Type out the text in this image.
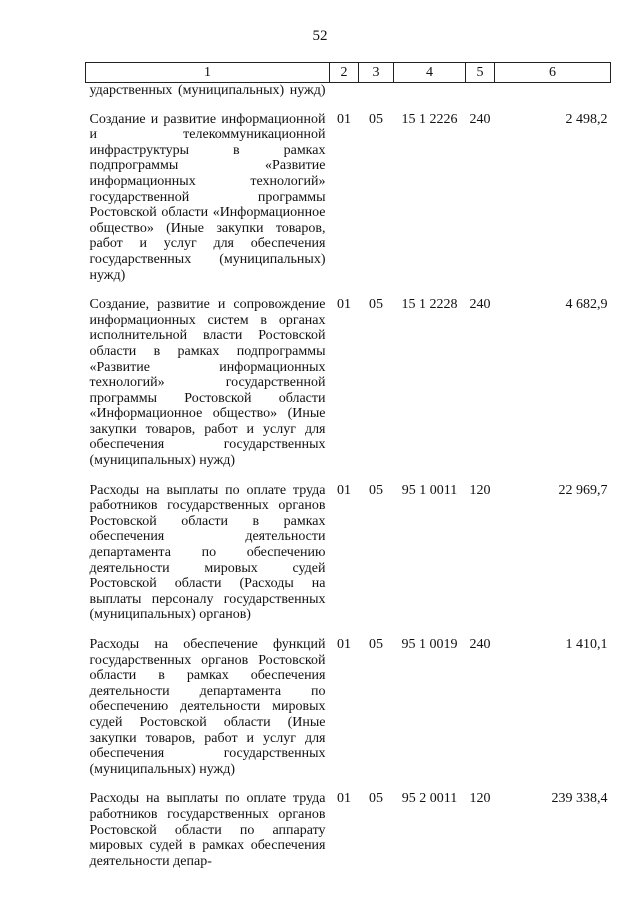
52
1	2	3	4	5	6
ударственных (муниципальных) нужд)					
Создание и развитие информационной и телекоммуникационной инфраструктуры в рамках подпрограммы «Развитие информационных технологий» государственной программы Ростовской области «Информационное общество» (Иные закупки товаров, работ и услуг для обеспечения государственных (муниципальных) нужд)	01	05	15 1 2226	240	2 498,2
Создание, развитие и сопровождение информационных систем в органах исполнительной власти Ростовской области в рамках подпрограммы «Развитие информационных технологий» государственной программы Ростовской области «Информационное общество» (Иные закупки товаров, работ и услуг для обеспечения государственных (муниципальных) нужд)	01	05	15 1 2228	240	4 682,9
Расходы на выплаты по оплате труда работников государственных органов Ростовской области в рамках обеспечения деятельности департамента по обеспечению деятельности мировых судей Ростовской области (Расходы на выплаты персоналу государственных (муниципальных) органов)	01	05	95 1 0011	120	22 969,7
Расходы на обеспечение функций государственных органов Ростовской области в рамках обеспечения деятельности департамента по обеспечению деятельности мировых судей Ростовской области (Иные закупки товаров, работ и услуг для обеспечения государственных (муниципальных) нужд)	01	05	95 1 0019	240	1 410,1
Расходы на выплаты по оплате труда работников государственных органов Ростовской области по аппарату мировых судей в рамках обеспечения деятельности депар-	01	05	95 2 0011	120	239 338,4
